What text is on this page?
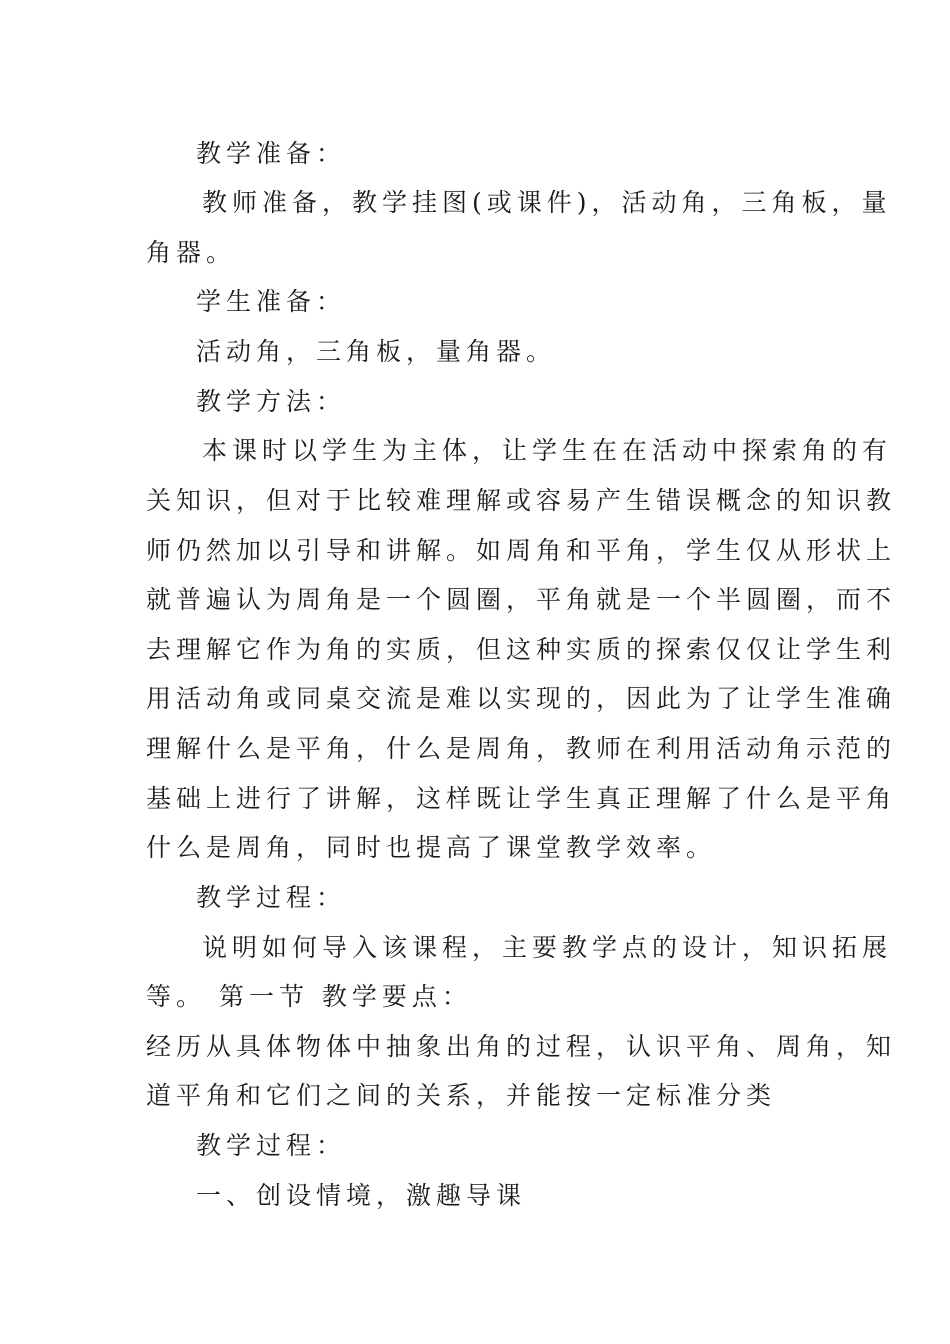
教学准备：
教师准备，教学挂图(或课件)，活动角，三角板，量
角器。
学生准备：
活动角，三角板，量角器。
教学方法：
本课时以学生为主体，让学生在在活动中探索角的有
关知识，但对于比较难理解或容易产生错误概念的知识教
师仍然加以引导和讲解。如周角和平角，学生仅从形状上
就普遍认为周角是一个圆圈，平角就是一个半圆圈，而不
去理解它作为角的实质，但这种实质的探索仅仅让学生利
用活动角或同桌交流是难以实现的，因此为了让学生准确
理解什么是平角，什么是周角，教师在利用活动角示范的
基础上进行了讲解，这样既让学生真正理解了什么是平角
什么是周角，同时也提高了课堂教学效率。
教学过程：
说明如何导入该课程，主要教学点的设计，知识拓展
等。 第一节 教学要点：
经历从具体物体中抽象出角的过程，认识平角、周角，知
道平角和它们之间的关系，并能按一定标准分类
教学过程：
一、创设情境，激趣导课
